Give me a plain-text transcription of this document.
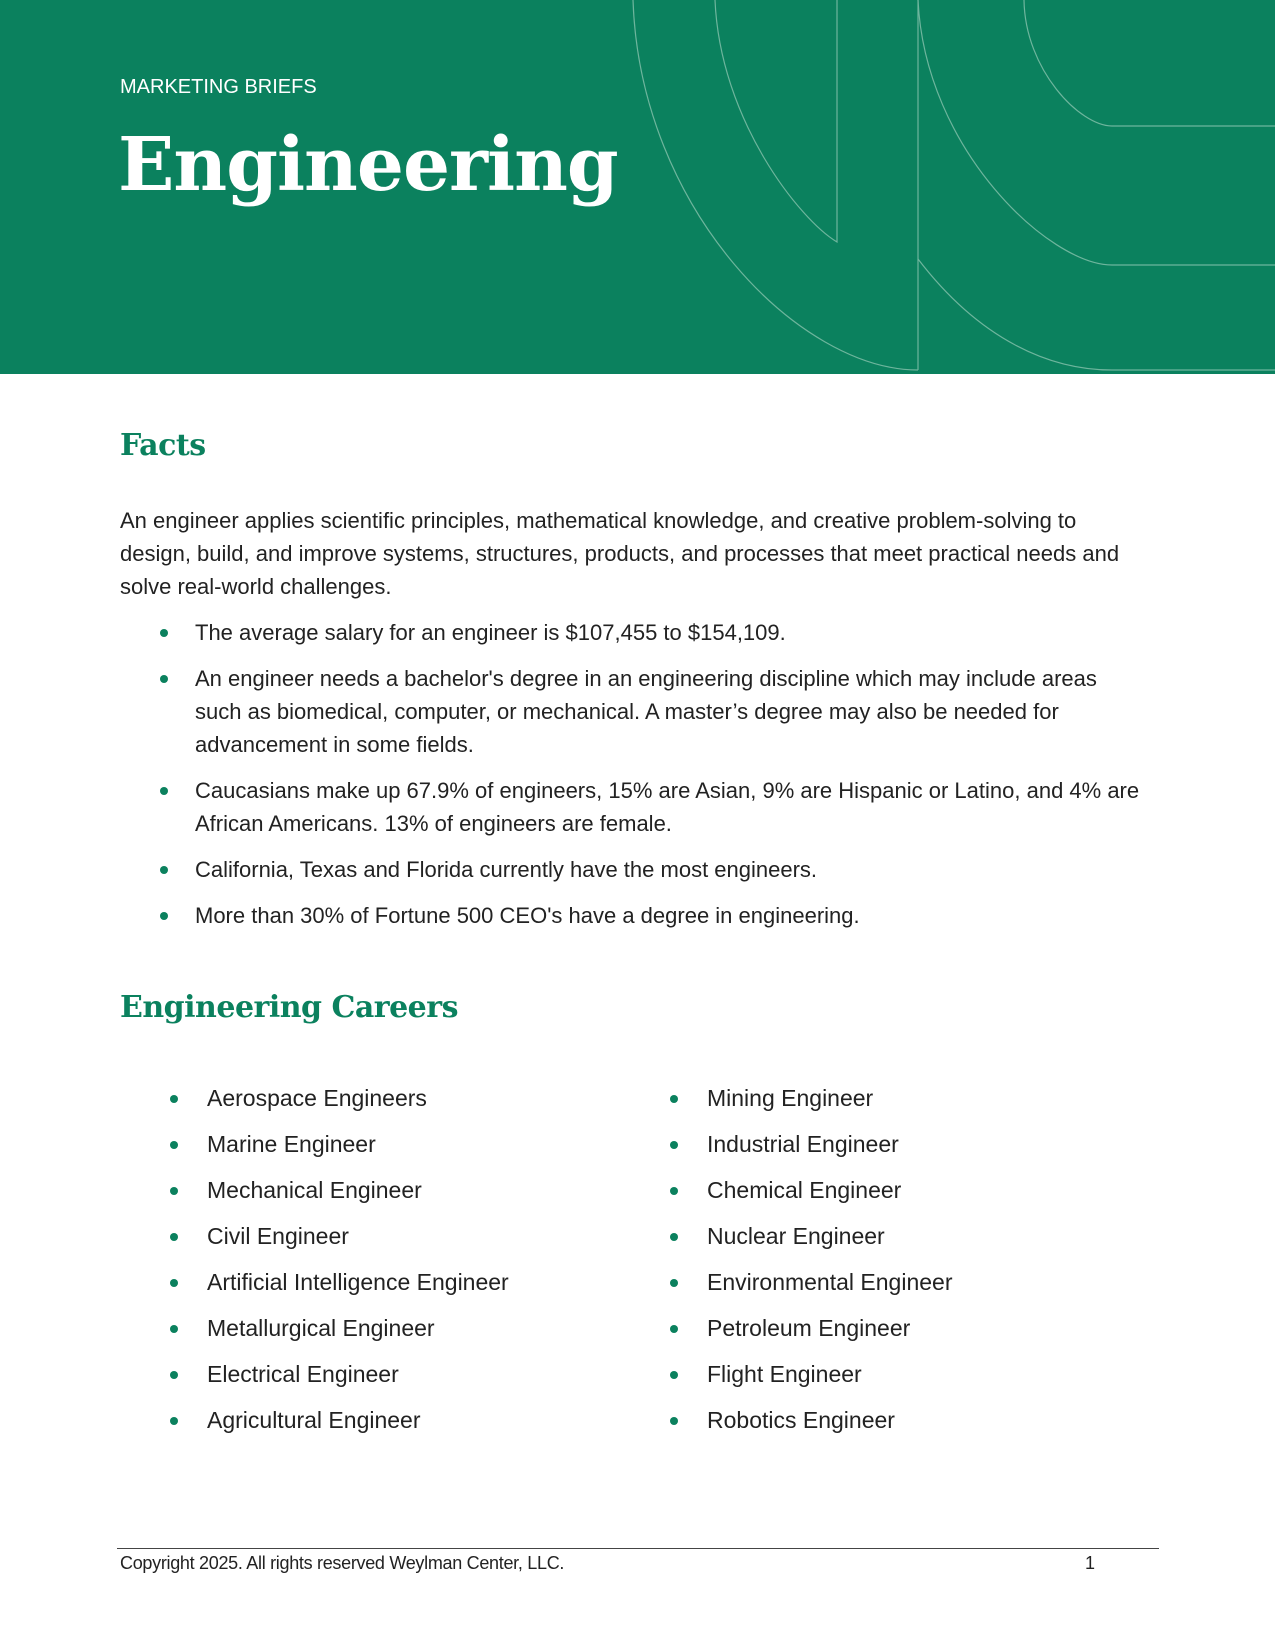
MARKETING BRIEFS
Engineering
Facts

An engineer applies scientific principles, mathematical knowledge, and creative problem-solving to design, build, and improve systems, structures, products, and processes that meet practical needs and solve real-world challenges.

The average salary for an engineer is $107,455 to $154,109.
An engineer needs a bachelor's degree in an engineering discipline which may include areas such as biomedical, computer, or mechanical. A master’s degree may also be needed for advancement in some fields.
Caucasians make up 67.9% of engineers, 15% are Asian, 9% are Hispanic or Latino, and 4% are African Americans. 13% of engineers are female.
California, Texas and Florida currently have the most engineers.
More than 30% of Fortune 500 CEO's have a degree in engineering.
Engineering Careers
Aerospace Engineers
Marine Engineer
Mechanical Engineer
Civil Engineer
Artificial Intelligence Engineer
Metallurgical Engineer
Electrical Engineer
Agricultural Engineer
Mining Engineer
Industrial Engineer
Chemical Engineer
Nuclear Engineer
Environmental Engineer
Petroleum Engineer
Flight Engineer
Robotics Engineer
Copyright 2025. All rights reserved Weylman Center, LLC.	1
